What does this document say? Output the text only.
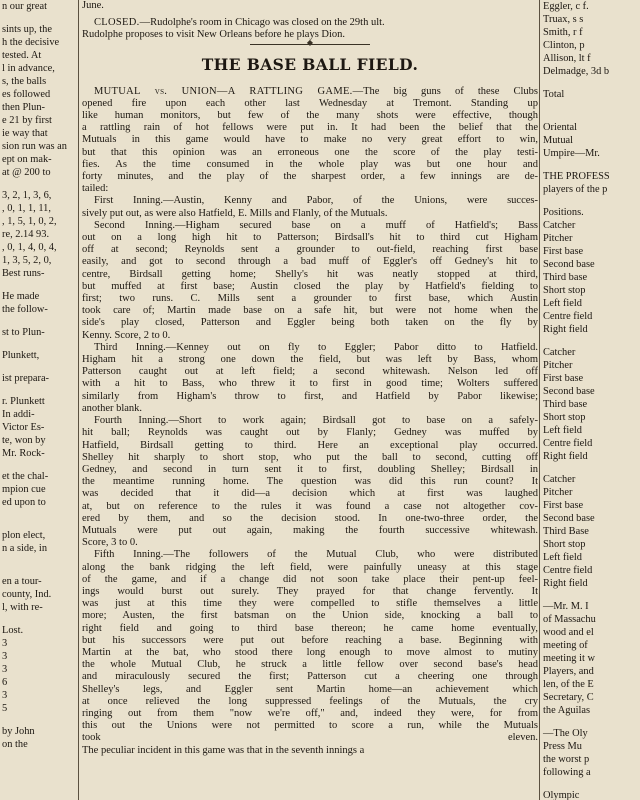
n our great
sints up, the
h the decisive
tested. At
l in advance,
s, the balls
es followed
then Plun-
e 21 by first
ie way that
sion run was an
ept on mak-
at @ 200 to
3, 2, 1, 3, 6,
, 0, 1, 1, 11,
, 1, 5, 1, 0, 2,
re, 2.14 93.
, 0, 1, 4, 0, 4,
1, 3, 5, 2, 0,
Best runs-
He made
the follow-
st to Plun-
Plunkett,
ist prepara-
r. Plunkett
In addi-
Victor Es-
te, won by
Mr. Rock-
et the chal-
mpion cue
ed upon to
plon elect,
n a side, in
en a tour-
county, Ind.
l, with re-
Lost.
3
3
3
6
3
5
by John
on the
June.
CLOSED.—Rudolphe's room in Chicago was closed on the 29th ult.
Rudolphe proposes to visit New Orleans before he plays Dion.
◆
THE BASE BALL FIELD.
MUTUAL vs. UNION—A RATTLING GAME.—The big guns of these Clubs
opened fire upon each other last Wednesday at Tremont. Standing up
like human monitors, but few of the many shots were effective, though
a rattling rain of hot fellows were put in. It had been the belief that the
Mutuals in this game would have to make no very great effort to win,
but that this opinion was an erroneous one the score of the play testi-
fies. As the time consumed in the whole play was but one hour and
forty minutes, and the play of the sharpest order, a few innings are de-
tailed:
First Inning.—Austin, Kenny and Pabor, of the Unions, were succes-
sively put out, as were also Hatfield, E. Mills and Flanly, of the Mutuals.
Second Inning.—Higham secured base on a muff of Hatfield's; Bass
out on a long high hit to Patterson; Birdsall's hit to third cut Higham
off at second; Reynolds sent a grounder to out-field, reaching first base
easily, and got to second through a bad muff of Eggler's off Gedney's hit to
centre, Birdsall getting home; Shelly's hit was neatly stopped at third,
but muffed at first base; Austin closed the play by Hatfield's fielding to
first; two runs. C. Mills sent a grounder to first base, which Austin
took care of; Martin made base on a safe hit, but were not home when the
side's play closed, Patterson and Eggler being both taken on the fly by
Kenny. Score, 2 to 0.
Third Inning.—Kenney out on fly to Eggler; Pabor ditto to Hatfield.
Higham hit a strong one down the field, but was left by Bass, whom
Patterson caught out at left field; a second whitewash. Nelson led off
with a hit to Bass, who threw it to first in good time; Wolters suffered
similarly from Higham's throw to first, and Hatfield by Pabor likewise;
another blank.
Fourth Inning.—Short to work again; Birdsall got to base on a safely-
hit ball; Reynolds was caught out by Flanly; Gedney was muffed by
Hatfield, Birdsall getting to third. Here an exceptional play occurred.
Shelley hit sharply to short stop, who put the ball to second, cutting off
Gedney, and second in turn sent it to first, doubling Shelley; Birdsall in
the meantime running home. The question was did this run count? It
was decided that it did—a decision which at first was laughed
at, but on reference to the rules it was found a case not altogether cov-
ered by them, and so the decision stood. In one-two-three order, the
Mutuals were put out again, making the fourth successive whitewash.
Score, 3 to 0.
Fifth Inning.—The followers of the Mutual Club, who were distributed
along the bank ridging the left field, were painfully uneasy at this stage
of the game, and if a change did not soon take place their pent-up feel-
ings would burst out surely. They prayed for that change fervently. It
was just at this time they were compelled to stifle themselves a little
more; Austen, the first batsman on the Union side, knocking a ball to
right field and going to third base thereon; he came home eventually,
but his successors were put out before reaching a base. Beginning with
Martin at the bat, who stood there long enough to move almost to mutiny
the whole Mutual Club, he struck a little fellow over second base's head
and miraculously secured the first; Patterson cut a cheering one through
Shelley's legs, and Eggler sent Martin home—an achievement which
at once relieved the long suppressed feelings of the Mutuals, the cry
ringing out from them "now we're off," and, indeed they were, for from
this out the Unions were not permitted to score a run, while the Mutuals
took eleven.
The peculiar incident in this game was that in the seventh innings a
Eggler, c f.
Truax, s s
Smith, r f
Clinton, p
Allison, lt f
Delmadge, 3d b
Total
Oriental
Mutual
Umpire—Mr.
THE PROFESS
players of the p
Positions.
Catcher
Pitcher
First base
Second base
Third base
Short stop
Left field
Centre field
Right field
Catcher
Pitcher
First base
Second base
Third base
Short stop
Left field
Centre field
Right field
Catcher
Pitcher
First base
Second base
Third Base
Short stop
Left field
Centre field
Right field
—Mr. M. I
of Massachu
wood and el
meeting of
meeting it w
Players, and
len, of the E
Secretary, C
the Aguilas
—The Oly
Press Mu
the worst p
following a
Olympic
